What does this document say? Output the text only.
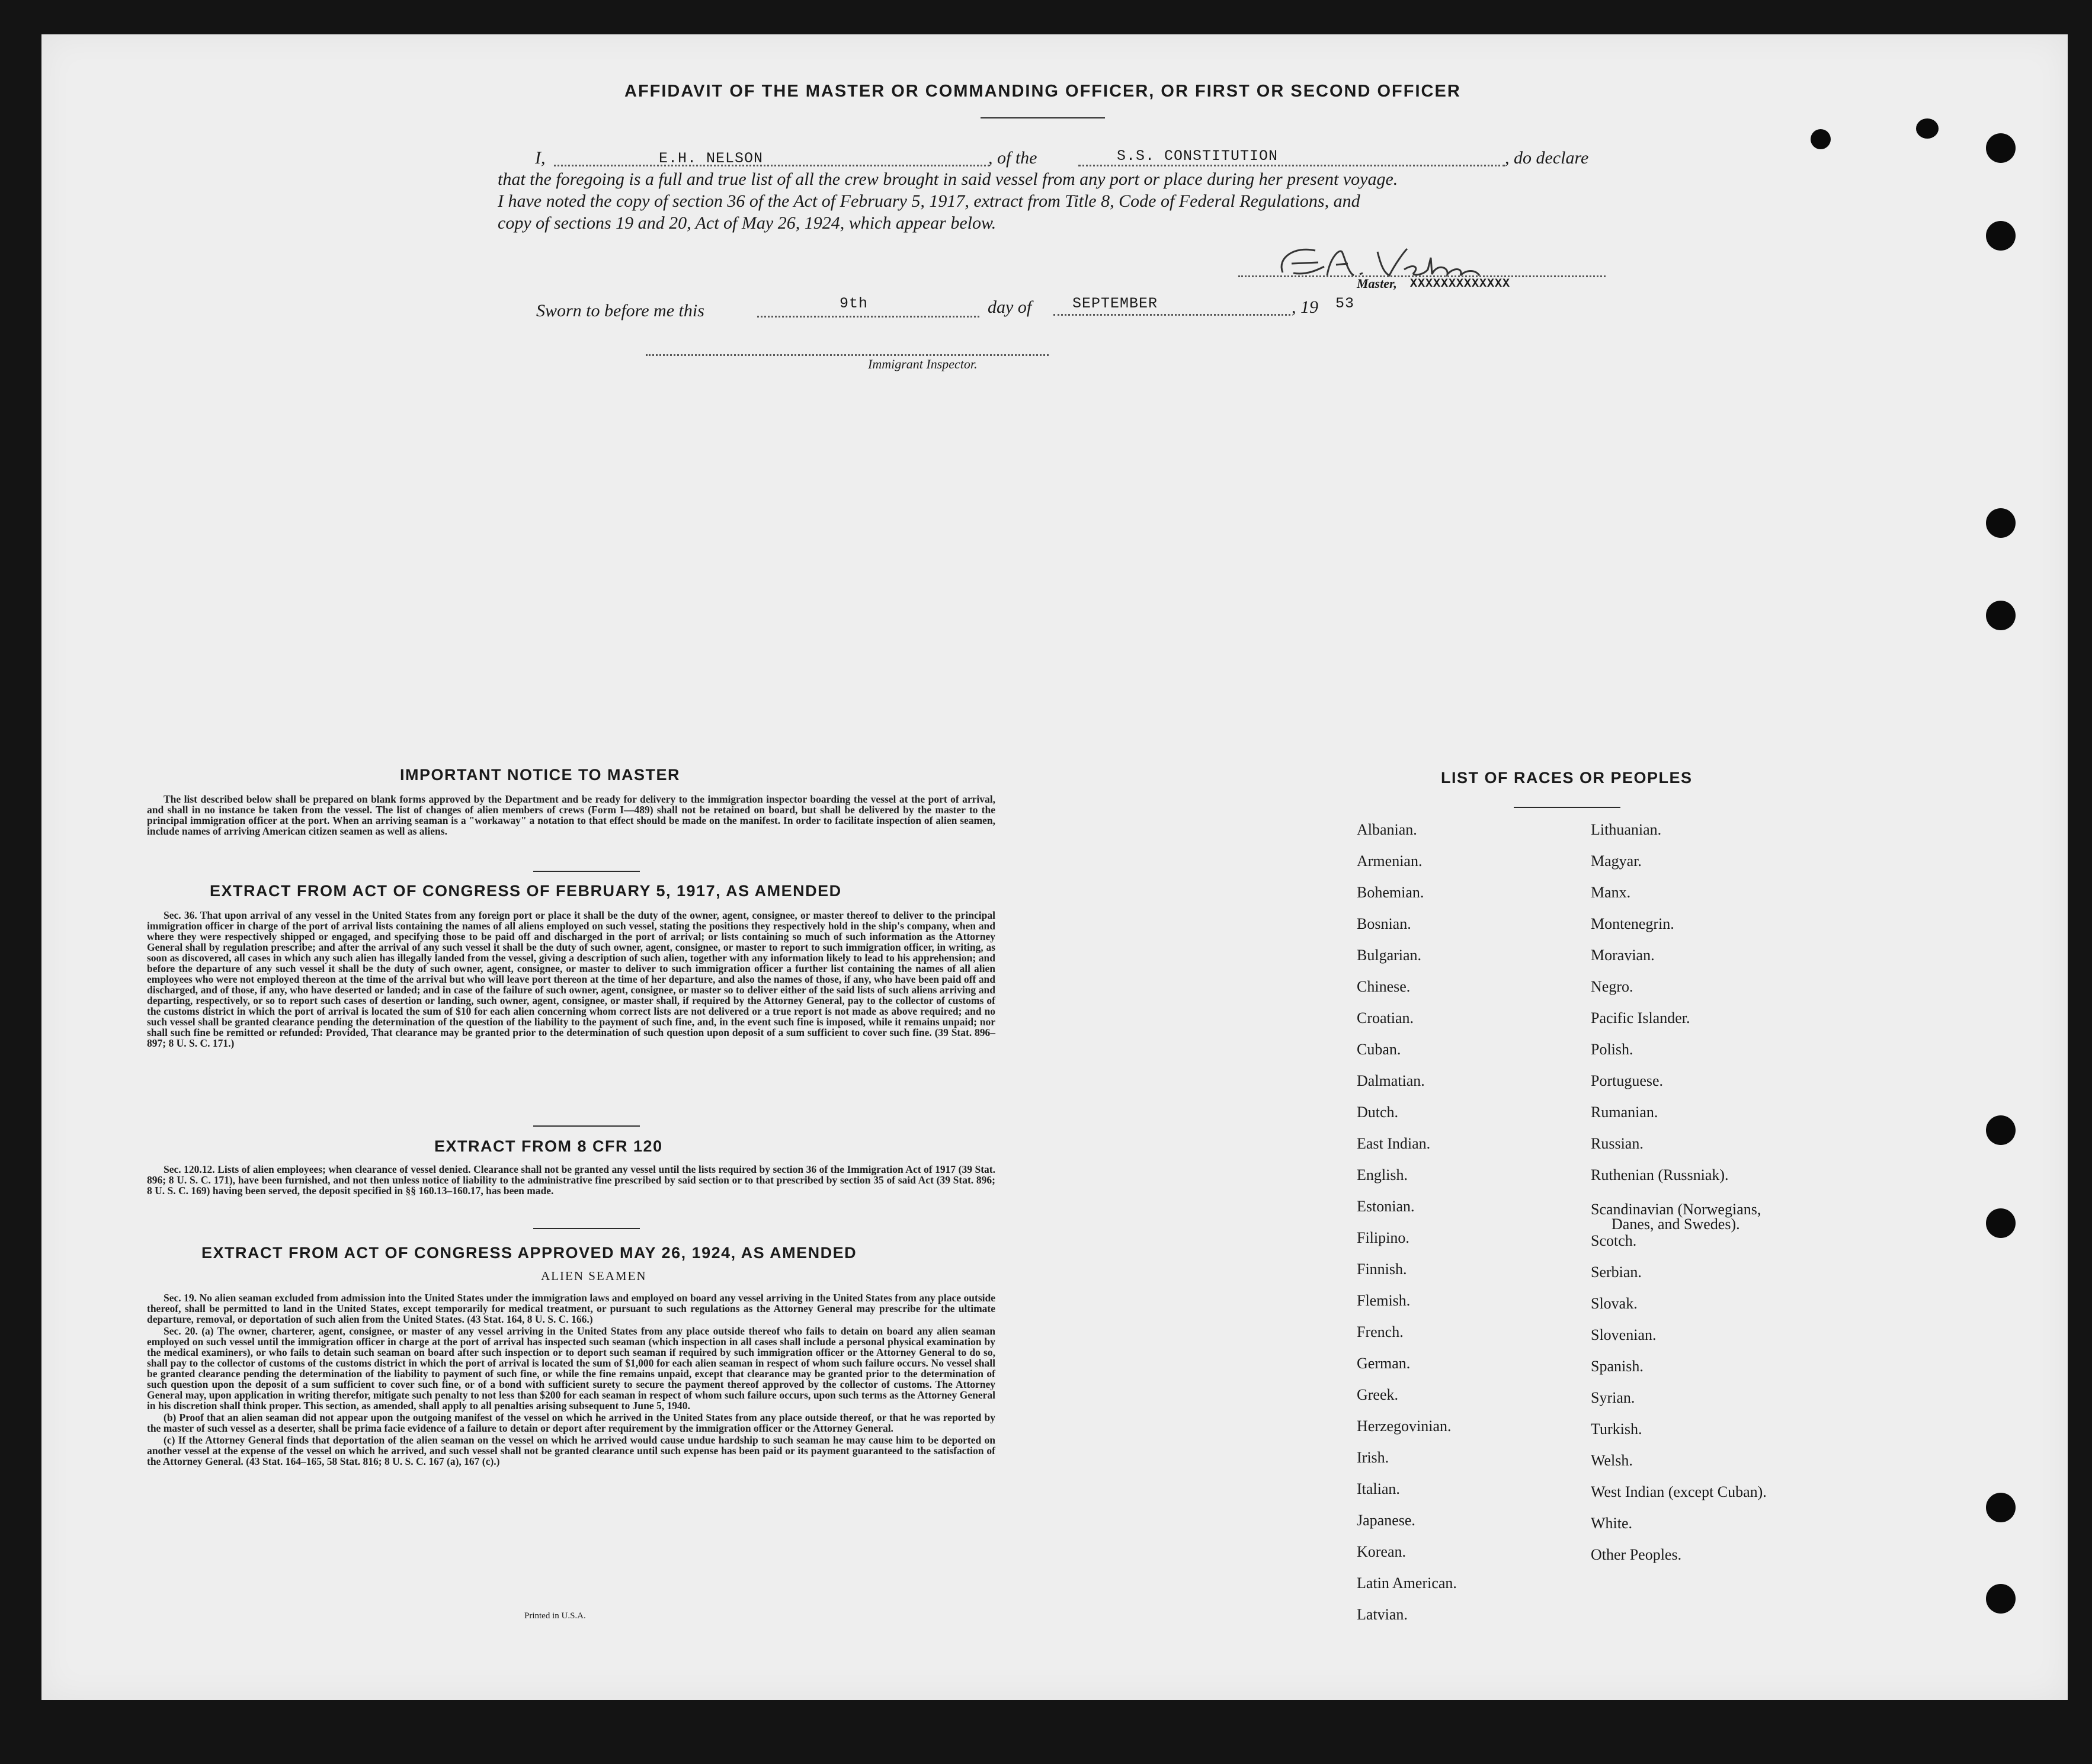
AFFIDAVIT OF THE MASTER OR COMMANDING OFFICER, OR FIRST OR SECOND OFFICER
I,	E.H. NELSON	, of the	S.S. CONSTITUTION	, do declare
that the foregoing is a full and true list of all the crew brought in said vessel from any port or place during her present voyage.
I have noted the copy of section 36 of the Act of February 5, 1917, extract from Title 8, Code of Federal Regulations, and
copy of sections 19 and 20, Act of May 26, 1924, which appear below.
Master, XXXXXXXXXXXXX
Sworn to before me this	9th	day of	SEPTEMBER	, 19 53
Immigrant Inspector.
IMPORTANT NOTICE TO MASTER

The list described below shall be prepared on blank forms approved by the Department and be ready for delivery to the immigration inspector boarding the vessel at the port of arrival, and shall in no instance be taken from the vessel. The list of changes of alien members of crews (Form I—489) shall not be retained on board, but shall be delivered by the master to the principal immigration officer at the port. When an arriving seaman is a "workaway" a notation to that effect should be made on the manifest. In order to facilitate inspection of alien seamen, include names of arriving American citizen seamen as well as aliens.

EXTRACT FROM ACT OF CONGRESS OF FEBRUARY 5, 1917, AS AMENDED

Sec. 36. That upon arrival of any vessel in the United States from any foreign port or place it shall be the duty of the owner, agent, consignee, or master thereof to deliver to the principal immigration officer in charge of the port of arrival lists containing the names of all aliens employed on such vessel, stating the positions they respectively hold in the ship's company, when and where they were respectively shipped or engaged, and specifying those to be paid off and discharged in the port of arrival; or lists containing so much of such information as the Attorney General shall by regulation prescribe; and after the arrival of any such vessel it shall be the duty of such owner, agent, consignee, or master to report to such immigration officer, in writing, as soon as discovered, all cases in which any such alien has illegally landed from the vessel, giving a description of such alien, together with any information likely to lead to his apprehension; and before the departure of any such vessel it shall be the duty of such owner, agent, consignee, or master to deliver to such immigration officer a further list containing the names of all alien employees who were not employed thereon at the time of the arrival but who will leave port thereon at the time of her departure, and also the names of those, if any, who have been paid off and discharged, and of those, if any, who have deserted or landed; and in case of the failure of such owner, agent, consignee, or master so to deliver either of the said lists of such aliens arriving and departing, respectively, or so to report such cases of desertion or landing, such owner, agent, consignee, or master shall, if required by the Attorney General, pay to the collector of customs of the customs district in which the port of arrival is located the sum of $10 for each alien concerning whom correct lists are not delivered or a true report is not made as above required; and no such vessel shall be granted clearance pending the determination of the question of the liability to the payment of such fine, and, in the event such fine is imposed, while it remains unpaid; nor shall such fine be remitted or refunded: Provided, That clearance may be granted prior to the determination of such question upon deposit of a sum sufficient to cover such fine. (39 Stat. 896–897; 8 U. S. C. 171.)

EXTRACT FROM 8 CFR 120

Sec. 120.12. Lists of alien employees; when clearance of vessel denied. Clearance shall not be granted any vessel until the lists required by section 36 of the Immigration Act of 1917 (39 Stat. 896; 8 U. S. C. 171), have been furnished, and not then unless notice of liability to the administrative fine prescribed by said section or to that prescribed by section 35 of said Act (39 Stat. 896; 8 U. S. C. 169) having been served, the deposit specified in §§ 160.13–160.17, has been made.

EXTRACT FROM ACT OF CONGRESS APPROVED MAY 26, 1924, AS AMENDED
ALIEN SEAMEN

Sec. 19. No alien seaman excluded from admission into the United States under the immigration laws and employed on board any vessel arriving in the United States from any place outside thereof, shall be permitted to land in the United States, except temporarily for medical treatment, or pursuant to such regulations as the Attorney General may prescribe for the ultimate departure, removal, or deportation of such alien from the United States. (43 Stat. 164, 8 U. S. C. 166.)

Sec. 20. (a) The owner, charterer, agent, consignee, or master of any vessel arriving in the United States from any place outside thereof who fails to detain on board any alien seaman employed on such vessel until the immigration officer in charge at the port of arrival has inspected such seaman (which inspection in all cases shall include a personal physical examination by the medical examiners), or who fails to detain such seaman on board after such inspection or to deport such seaman if required by such immigration officer or the Attorney General to do so, shall pay to the collector of customs of the customs district in which the port of arrival is located the sum of $1,000 for each alien seaman in respect of whom such failure occurs. No vessel shall be granted clearance pending the determination of the liability to payment of such fine, or while the fine remains unpaid, except that clearance may be granted prior to the determination of such question upon the deposit of a sum sufficient to cover such fine, or of a bond with sufficient surety to secure the payment thereof approved by the collector of customs. The Attorney General may, upon application in writing therefor, mitigate such penalty to not less than $200 for each seaman in respect of whom such failure occurs, upon such terms as the Attorney General in his discretion shall think proper. This section, as amended, shall apply to all penalties arising subsequent to June 5, 1940.

(b) Proof that an alien seaman did not appear upon the outgoing manifest of the vessel on which he arrived in the United States from any place outside thereof, or that he was reported by the master of such vessel as a deserter, shall be prima facie evidence of a failure to detain or deport after requirement by the immigration officer or the Attorney General.

(c) If the Attorney General finds that deportation of the alien seaman on the vessel on which he arrived would cause undue hardship to such seaman he may cause him to be deported on another vessel at the expense of the vessel on which he arrived, and such vessel shall not be granted clearance until such expense has been paid or its payment guaranteed to the satisfaction of the Attorney General. (43 Stat. 164–165, 58 Stat. 816; 8 U. S. C. 167 (a), 167 (c).)

Printed in U.S.A.
LIST OF RACES OR PEOPLES
Albanian.
Armenian.
Bohemian.
Bosnian.
Bulgarian.
Chinese.
Croatian.
Cuban.
Dalmatian.
Dutch.
East Indian.
English.
Estonian.
Filipino.
Finnish.
Flemish.
French.
German.
Greek.
Herzegovinian.
Irish.
Italian.
Japanese.
Korean.
Latin American.
Latvian.
Lithuanian.
Magyar.
Manx.
Montenegrin.
Moravian.
Negro.
Pacific Islander.
Polish.
Portuguese.
Rumanian.
Russian.
Ruthenian (Russniak).
Scandinavian (Norwegians,
Danes, and Swedes).
Scotch.
Serbian.
Slovak.
Slovenian.
Spanish.
Syrian.
Turkish.
Welsh.
West Indian (except Cuban).
White.
Other Peoples.
